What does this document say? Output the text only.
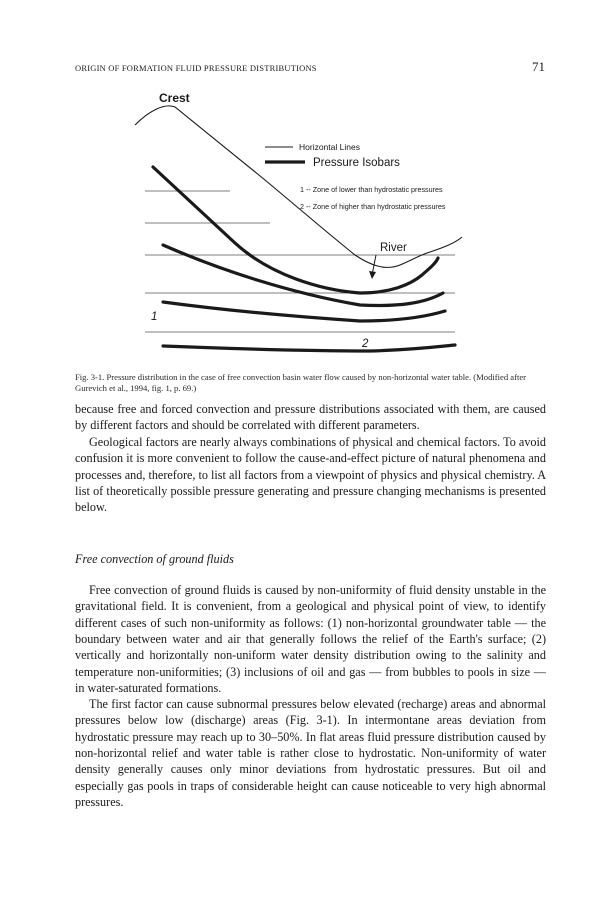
ORIGIN OF FORMATION FLUID PRESSURE DISTRIBUTIONS	71
Crest
River
1
2
Horizontal Lines
Pressure Isobars
1 -- Zone of lower than hydrostatic pressures
2 -- Zone of higher than hydrostatic pressures
Fig. 3-1. Pressure distribution in the case of free convection basin water flow caused by non-horizontal water table. (Modified after Gurevich et al., 1994, fig. 1, p. 69.)

because free and forced convection and pressure distributions associated with them, are caused by different factors and should be correlated with different parameters.

Geological factors are nearly always combinations of physical and chemical factors. To avoid confusion it is more convenient to follow the cause-and-effect picture of natural phenomena and processes and, therefore, to list all factors from a viewpoint of physics and physical chemistry. A list of theoretically possible pressure generating and pressure changing mechanisms is presented below.

Free convection of ground fluids

Free convection of ground fluids is caused by non-uniformity of fluid density unstable in the gravitational field. It is convenient, from a geological and physical point of view, to identify different cases of such non-uniformity as follows: (1) non-horizontal groundwater table — the boundary between water and air that generally follows the relief of the Earth's surface; (2) vertically and horizontally non-uniform water density distribution owing to the salinity and temperature non-uniformities; (3) inclusions of oil and gas — from bubbles to pools in size — in water-saturated formations.

The first factor can cause subnormal pressures below elevated (recharge) areas and abnormal pressures below low (discharge) areas (Fig. 3-1). In intermontane areas deviation from hydrostatic pressure may reach up to 30–50%. In flat areas fluid pressure distribution caused by non-horizontal relief and water table is rather close to hydrostatic. Non-uniformity of water density generally causes only minor deviations from hydrostatic pressures. But oil and especially gas pools in traps of considerable height can cause noticeable to very high abnormal pressures.
